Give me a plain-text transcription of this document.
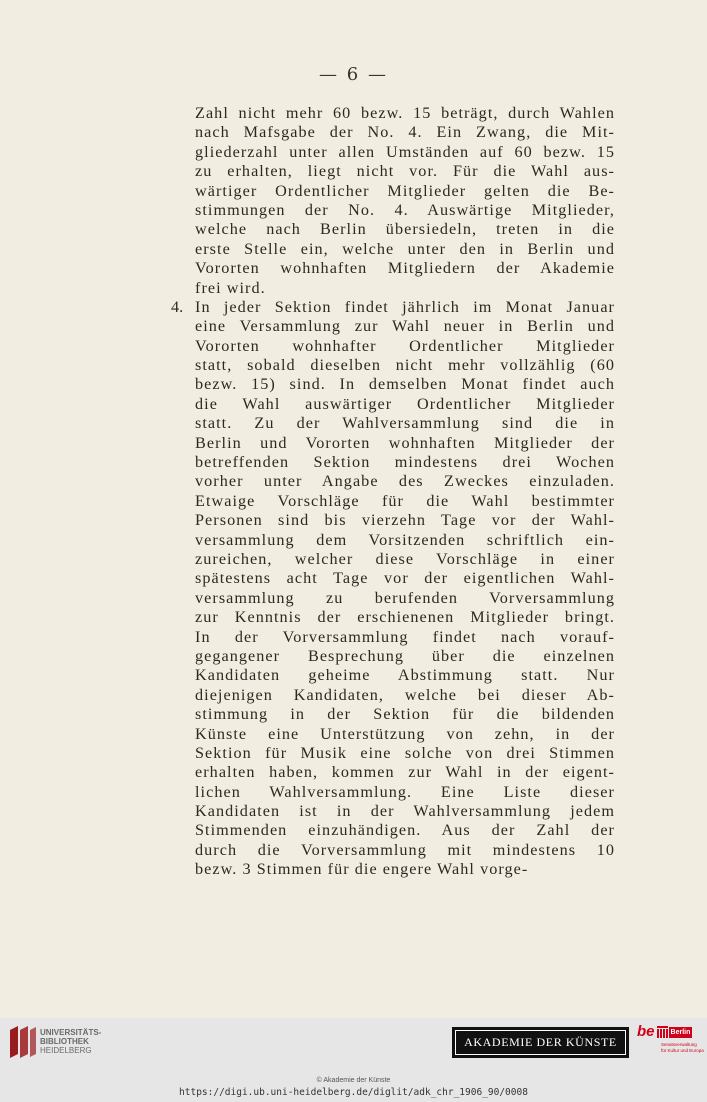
— 6 —
4.
Zahl nicht mehr 60 bezw. 15 beträgt, durch Wahlen
nach Mafsgabe der No. 4. Ein Zwang, die Mit-
gliederzahl unter allen Umständen auf 60 bezw. 15
zu erhalten, liegt nicht vor. Für die Wahl aus-
wärtiger Ordentlicher Mitglieder gelten die Be-
stimmungen der No. 4. Auswärtige Mitglieder,
welche nach Berlin übersiedeln, treten in die
erste Stelle ein, welche unter den in Berlin und
Vororten wohnhaften Mitgliedern der Akademie
frei wird.
In jeder Sektion findet jährlich im Monat Januar
eine Versammlung zur Wahl neuer in Berlin und
Vororten wohnhafter Ordentlicher Mitglieder
statt, sobald dieselben nicht mehr vollzählig (60
bezw. 15) sind. In demselben Monat findet auch
die Wahl auswärtiger Ordentlicher Mitglieder
statt. Zu der Wahlversammlung sind die in
Berlin und Vororten wohnhaften Mitglieder der
betreffenden Sektion mindestens drei Wochen
vorher unter Angabe des Zweckes einzuladen.
Etwaige Vorschläge für die Wahl bestimmter
Personen sind bis vierzehn Tage vor der Wahl-
versammlung dem Vorsitzenden schriftlich ein-
zureichen, welcher diese Vorschläge in einer
spätestens acht Tage vor der eigentlichen Wahl-
versammlung zu berufenden Vorversammlung
zur Kenntnis der erschienenen Mitglieder bringt.
In der Vorversammlung findet nach vorauf-
gegangener Besprechung über die einzelnen
Kandidaten geheime Abstimmung statt. Nur
diejenigen Kandidaten, welche bei dieser Ab-
stimmung in der Sektion für die bildenden
Künste eine Unterstützung von zehn, in der
Sektion für Musik eine solche von drei Stimmen
erhalten haben, kommen zur Wahl in der eigent-
lichen Wahlversammlung. Eine Liste dieser
Kandidaten ist in der Wahlversammlung jedem
Stimmenden einzuhändigen. Aus der Zahl der
durch die Vorversammlung mit mindestens 10
bezw. 3 Stimmen für die engere Wahl vorge-
UNIVERSITÄTS-
BIBLIOTHEK
HEIDELBERG
AKADEMIE DER KÜNSTE
be Berlin
Senatsverwaltung
für Kultur und Europa
© Akademie der Künste
https://digi.ub.uni-heidelberg.de/diglit/adk_chr_1906_90/0008
